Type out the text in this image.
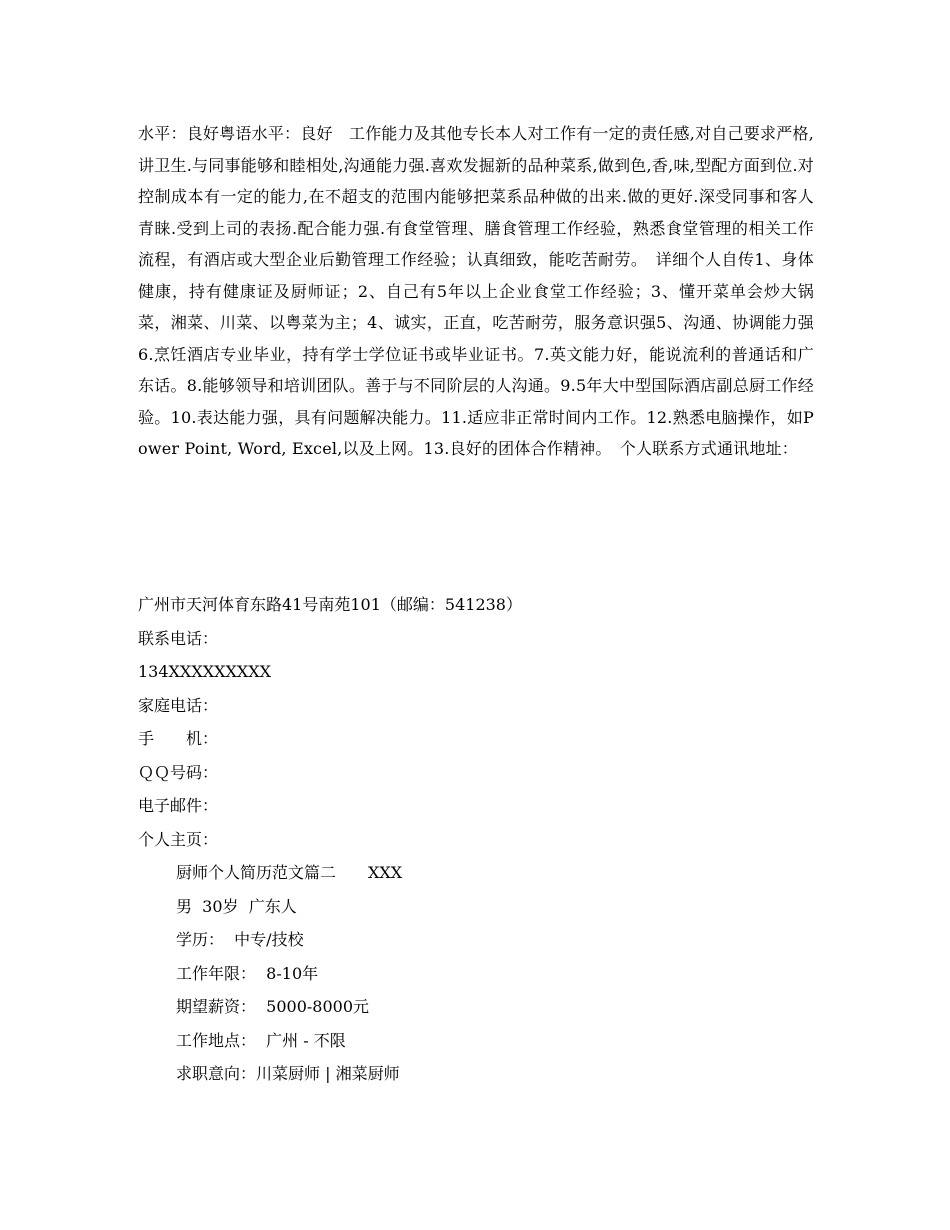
水平：良好粤语水平：良好　工作能力及其他专长本人对工作有一定的责任感,对自己要求严格,讲卫生.与同事能够和睦相处,沟通能力强.喜欢发掘新的品种菜系,做到色,香,味,型配方面到位.对控制成本有一定的能力,在不超支的范围内能够把菜系品种做的出来.做的更好.深受同事和客人青睐.受到上司的表扬.配合能力强.有食堂管理、膳食管理工作经验，熟悉食堂管理的相关工作流程，有酒店或大型企业后勤管理工作经验；认真细致，能吃苦耐劳。　详细个人自传1、身体健康，持有健康证及厨师证；2、自己有5年以上企业食堂工作经验；3、懂开菜单会炒大锅菜，湘菜、川菜、以粤菜为主；4、诚实，正直，吃苦耐劳，服务意识强5、沟通、协调能力强6.烹饪酒店专业毕业，持有学士学位证书或毕业证书。7.英文能力好，能说流利的普通话和广东话。8.能够领导和培训团队。善于与不同阶层的人沟通。9.5年大中型国际酒店副总厨工作经验。10.表达能力强，具有问题解决能力。11.适应非正常时间内工作。12.熟悉电脑操作，如Power Point, Word, Excel,以及上网。13.良好的团体合作精神。　个人联系方式通讯地址：

广州市天河体育东路41号南苑101（邮编：541238）
联系电话：
134XXXXXXXXX
家庭电话：
手　　机：
ＱＱ号码：
电子邮件：
个人主页：
厨师个人简历范文篇二　　XXX
男  30岁  广东人
学历：  中专/技校
工作年限：  8-10年
期望薪资：  5000-8000元
工作地点：  广州 - 不限
求职意向：川菜厨师 | 湘菜厨师
